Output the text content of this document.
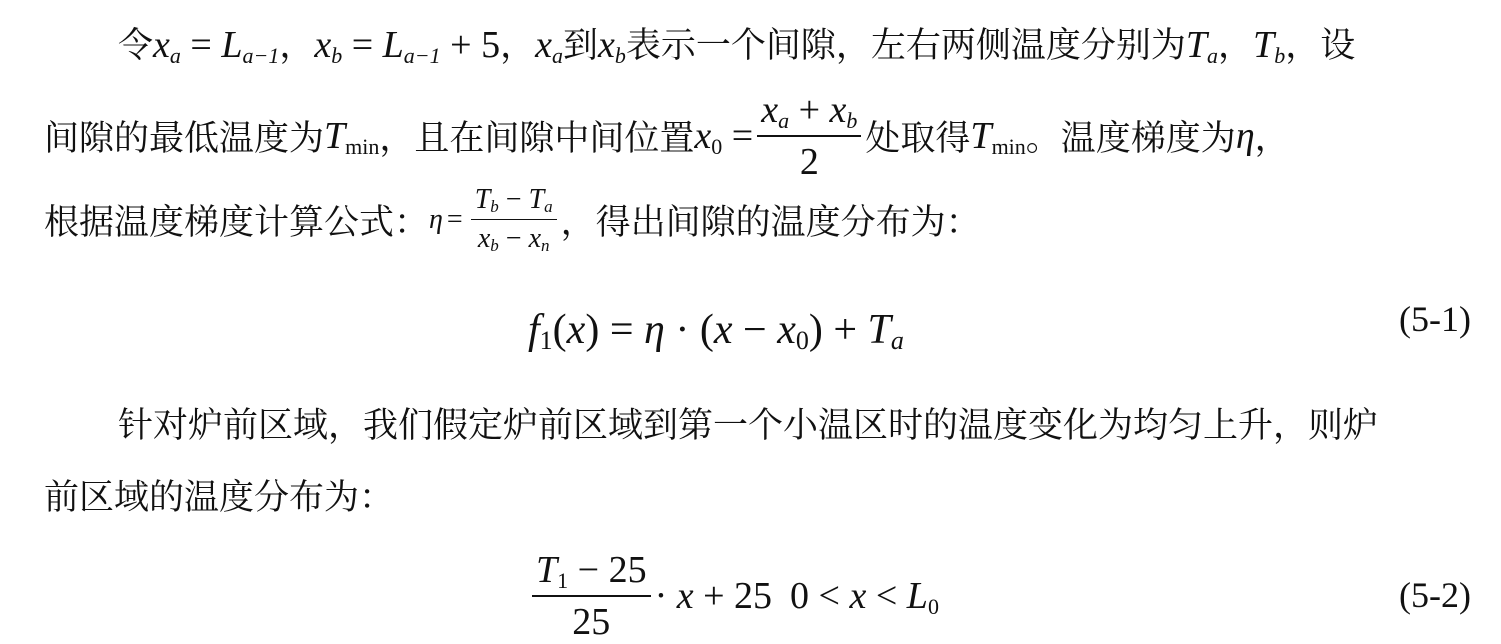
令 $x_a = L_{a-1}$ ， $x_b = L_{a-1} + 5$ ， $x_a$ 到 $x_b$ 表示一个间隙，左右两侧温度分别为 $T_a$ ， $T_b$ ，设
间隙的最低温度为 $T_{min}$ ，且在间隙中间位置 $x_0 = \frac{x_a + x_b}{2}$ 处取得 $T_{min}$ 。温度梯度为 η ，
根据温度梯度计算公式： $\eta = \frac{T_b - T_a}{x_b - x_n}$ ，得出间隙的温度分布为：
$f_1(x) = \eta \cdot (x - x_0) + T_a$
(5-1)
针对炉前区域，我们假定炉前区域到第一个小温区时的温度变化为均匀上升，则炉
前区域的温度分布为：
$\frac{T_1 - 25}{25} \cdot x + 25$ $0 < x < L_0$	(5-2)
